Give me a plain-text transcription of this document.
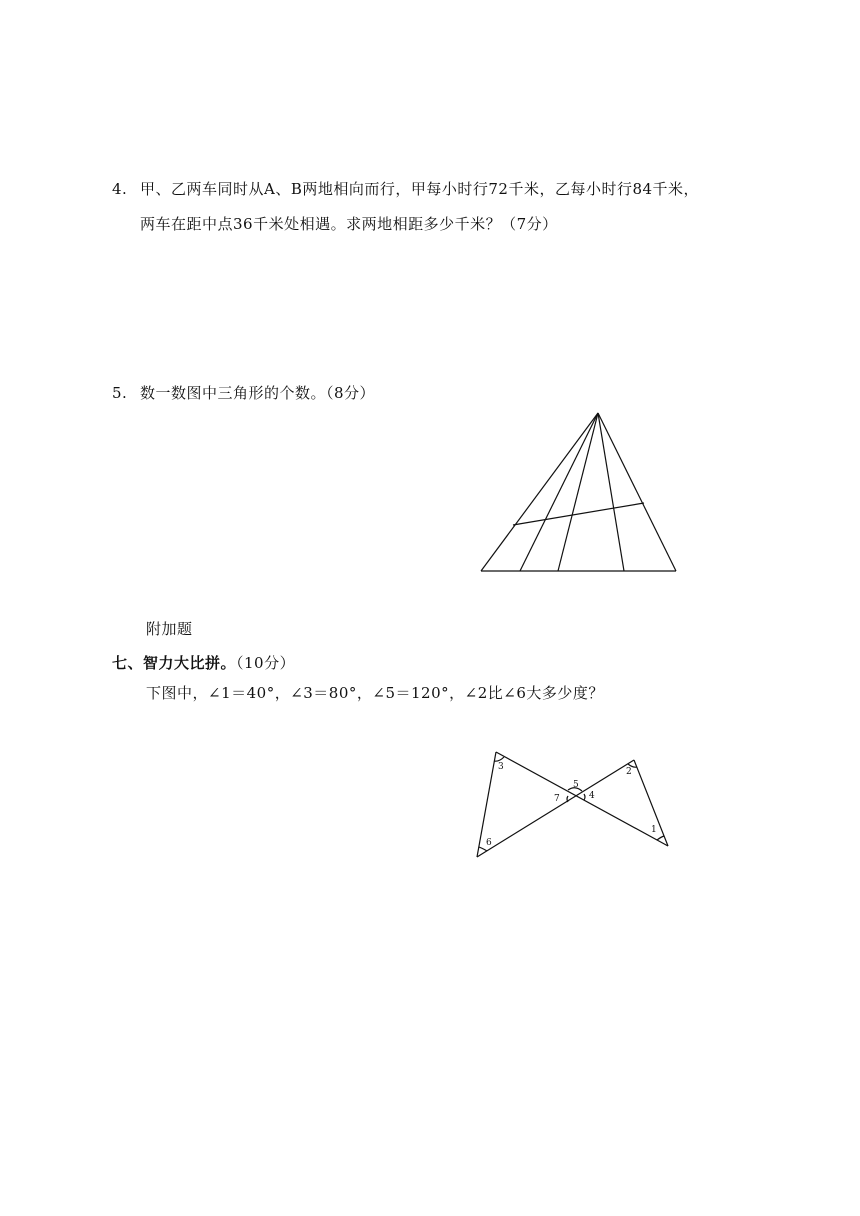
4. 甲、乙两车同时从A、B两地相向而行，甲每小时行72千米，乙每小时行84千米，
两车在距中点36千米处相遇。求两地相距多少千米？（7分）
5. 数一数图中三角形的个数。（8分）
附加题
七、智力大比拼。（10分）
下图中，∠1＝40°，∠3＝80°，∠5＝120°，∠2比∠6大多少度？
3	2
5
7	4
1
6
